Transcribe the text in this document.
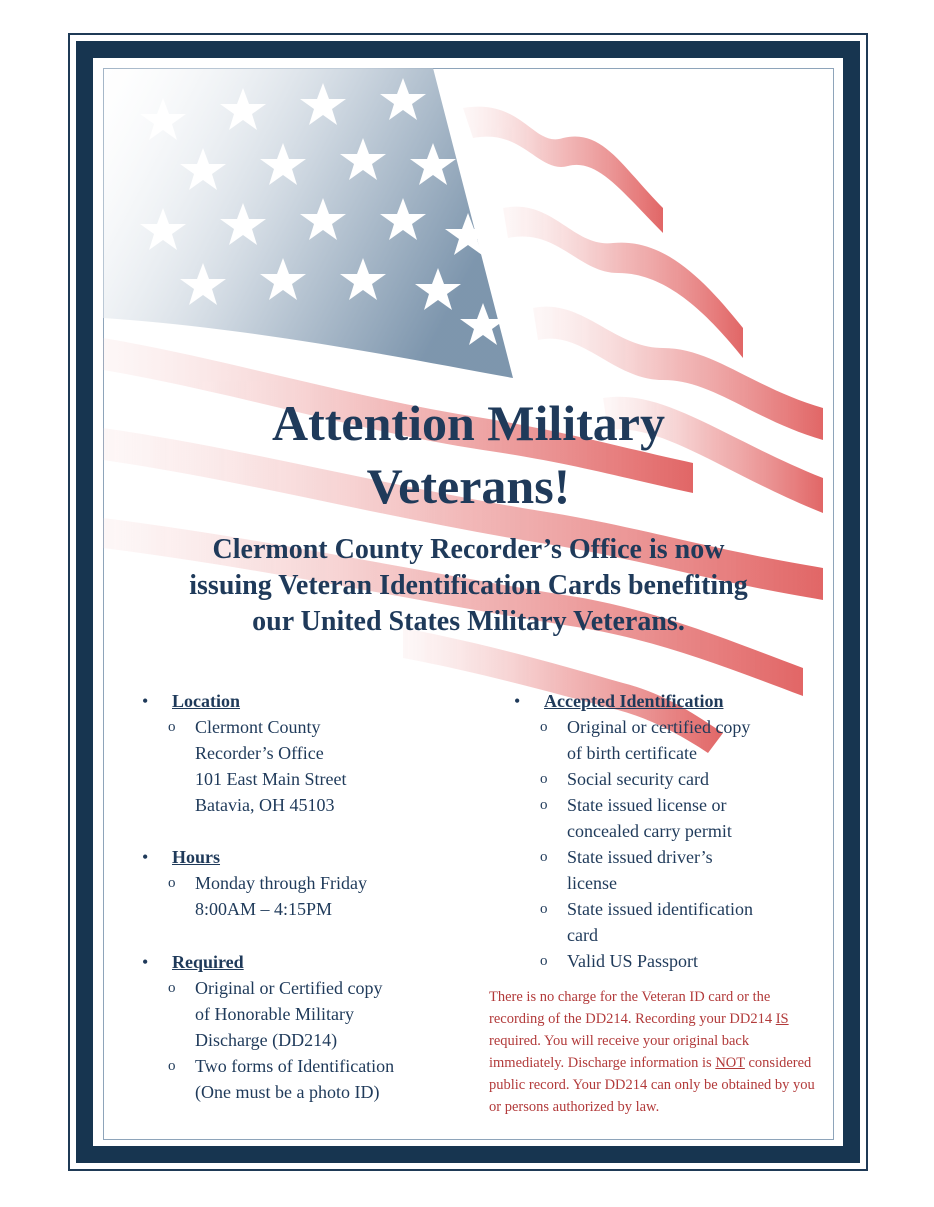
Attention Military
Veterans!
Clermont County Recorder’s Office is now
issuing Veteran Identification Cards benefiting
our United States Military Veterans.
• Location
o Clermont County
Recorder’s Office
101 East Main Street
Batavia, OH 45103
• Hours
o Monday through Friday
8:00AM – 4:15PM
• Required
o Original or Certified copy
of Honorable Military
Discharge (DD214)
o Two forms of Identification
(One must be a photo ID)
• Accepted Identification
o Original or certified copy
of birth certificate
o Social security card
o State issued license or
concealed carry permit
o State issued driver’s
license
o State issued identification
card
o Valid US Passport
There is no charge for the Veteran ID card or the recording of the DD214. Recording your DD214 IS required. You will receive your original back immediately. Discharge information is NOT considered public record. Your DD214 can only be obtained by you or persons authorized by law.
